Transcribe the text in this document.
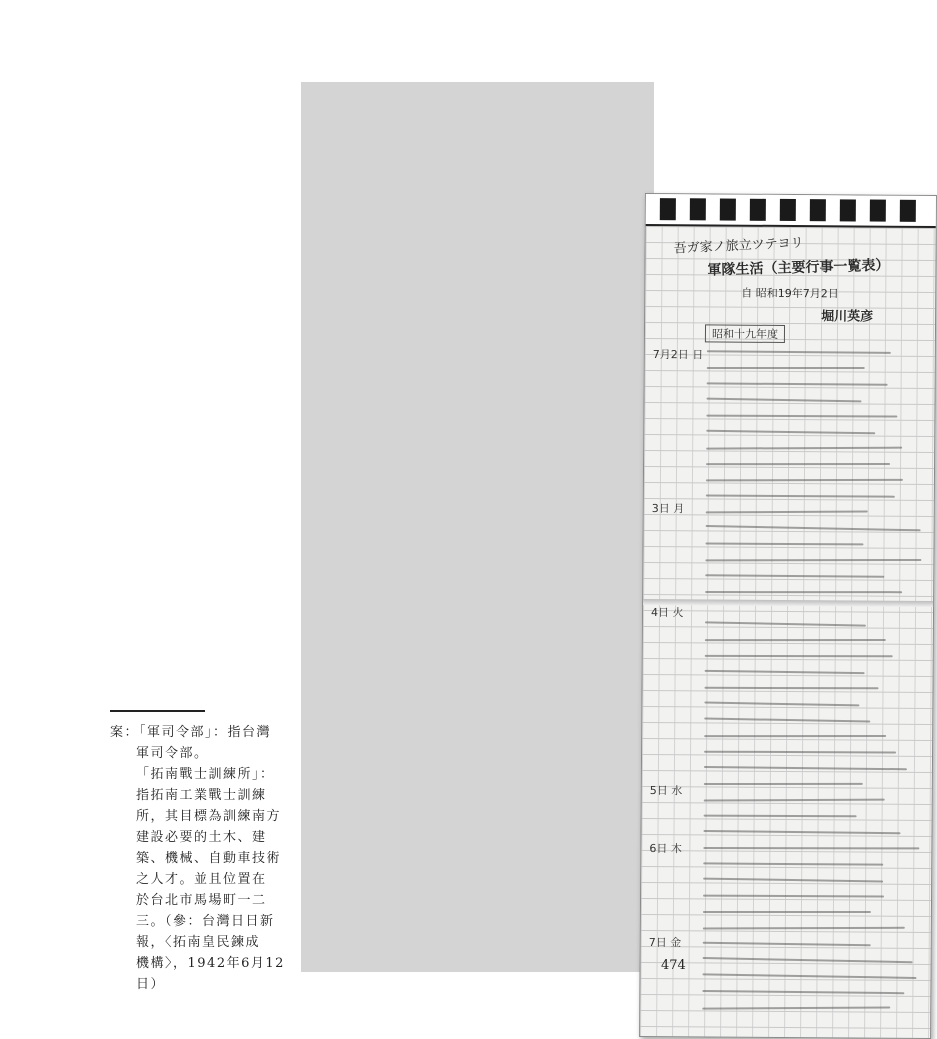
吾ガ家ノ旅立ツテヨリ
軍隊生活（主要行事一覧表）
自 昭和19年7月2日
堀川英彦
昭和十九年度
7月2日 日
3日 月
4日 火
5日 水
6日 木
7日 金

案：「軍司令部」：指台灣

軍司令部。

「拓南戰士訓練所」：

指拓南工業戰士訓練

所，其目標為訓練南方

建設必要的土木、建

築、機械、自動車技術

之人才。並且位置在

於台北市馬場町一二

三。（參：台灣日日新

報，〈拓南皇民鍊成

機構〉，1942年6月12

日）

474
